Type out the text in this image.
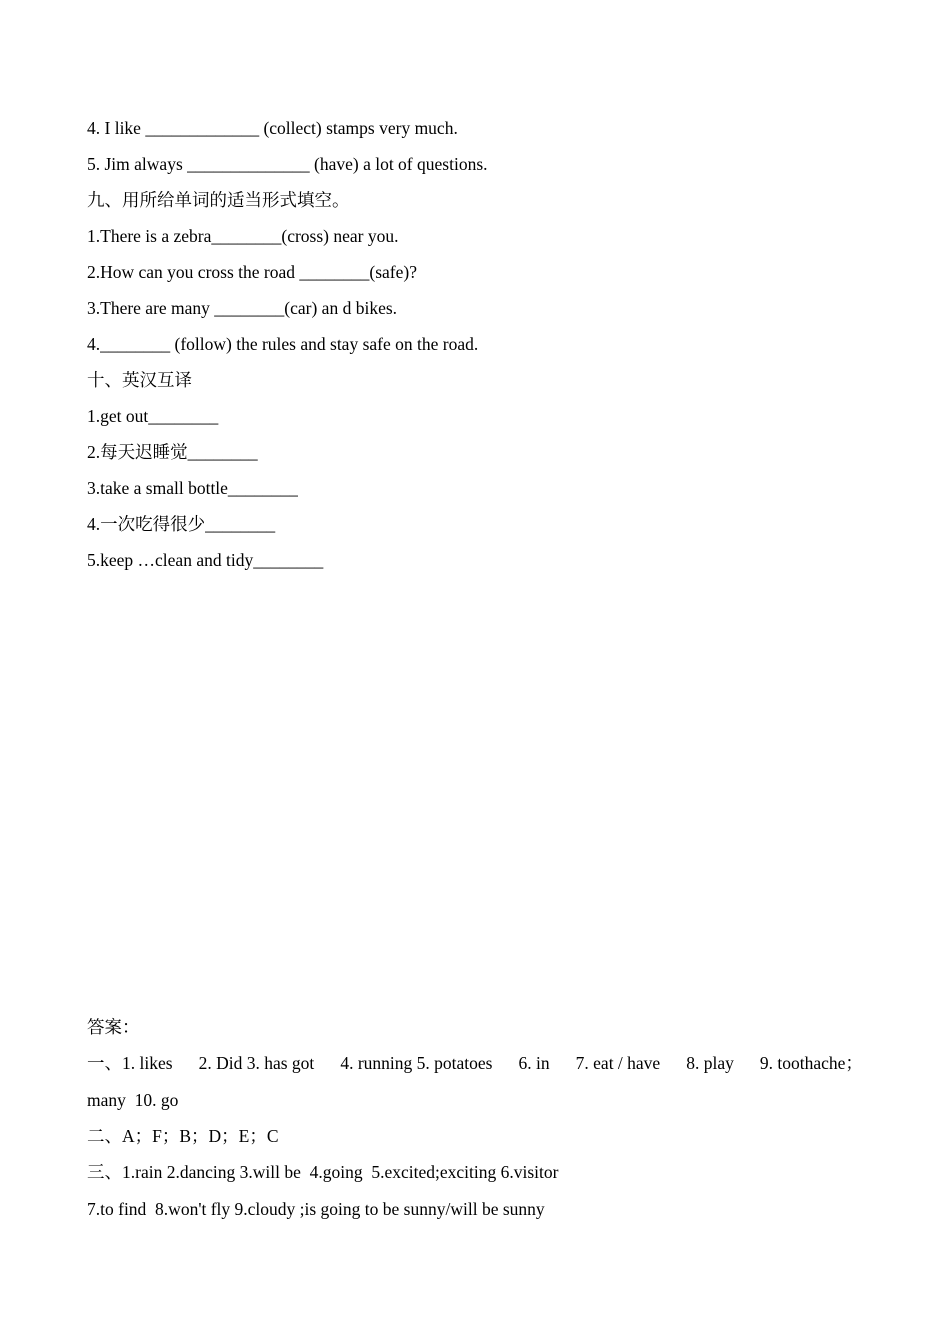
4. I like _____________ (collect) stamps very much.
5. Jim always ______________ (have) a lot of questions.
九、用所给单词的适当形式填空。
1.There is a zebra________(cross) near you.
2.How can you cross the road ________(safe)?
3.There are many ________(car) an d bikes.
4.________ (follow) the rules and stay safe on the road.
十、英汉互译
1.get out________
2.每天迟睡觉________
3.take a small bottle________
4.一次吃得很少________
5.keep …clean and tidy________
答案：
一、1. likes 2. Did 3. has got 4. running 5. potatoes 6. in 7. eat / have 8. play 9. toothache；
many  10. go
二、A；F；B；D；E；C
三、1.rain 2.dancing 3.will be  4.going  5.excited;exciting 6.visitor
7.to find  8.won't fly 9.cloudy ;is going to be sunny/will be sunny
